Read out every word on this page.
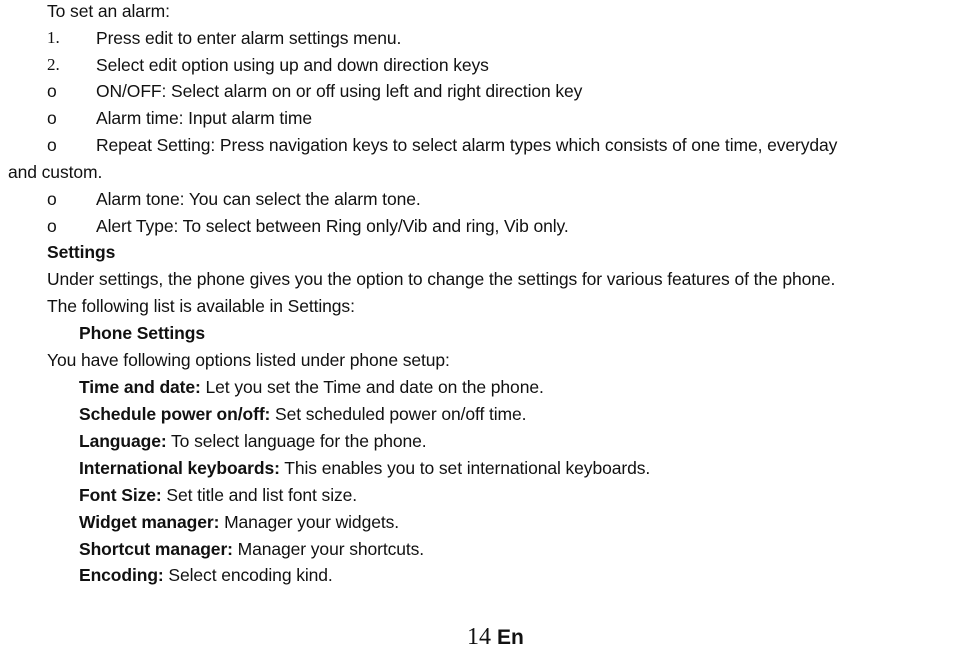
To set an alarm:
1. Press edit to enter alarm settings menu.
2. Select edit option using up and down direction keys
o ON/OFF: Select alarm on or off using left and right direction key
o Alarm time: Input alarm time
o Repeat Setting: Press navigation keys to select alarm types which consists of one time, everyday
and custom.
o Alarm tone: You can select the alarm tone.
o Alert Type: To select between Ring only/Vib and ring, Vib only.
Settings
Under settings, the phone gives you the option to change the settings for various features of the phone.
The following list is available in Settings:
Phone Settings
You have following options listed under phone setup:
Time and date: Let you set the Time and date on the phone.
Schedule power on/off: Set scheduled power on/off time.
Language: To select language for the phone.
International keyboards: This enables you to set international keyboards.
Font Size: Set title and list font size.
Widget manager: Manager your widgets.
Shortcut manager: Manager your shortcuts.
Encoding: Select encoding kind.
14 En
